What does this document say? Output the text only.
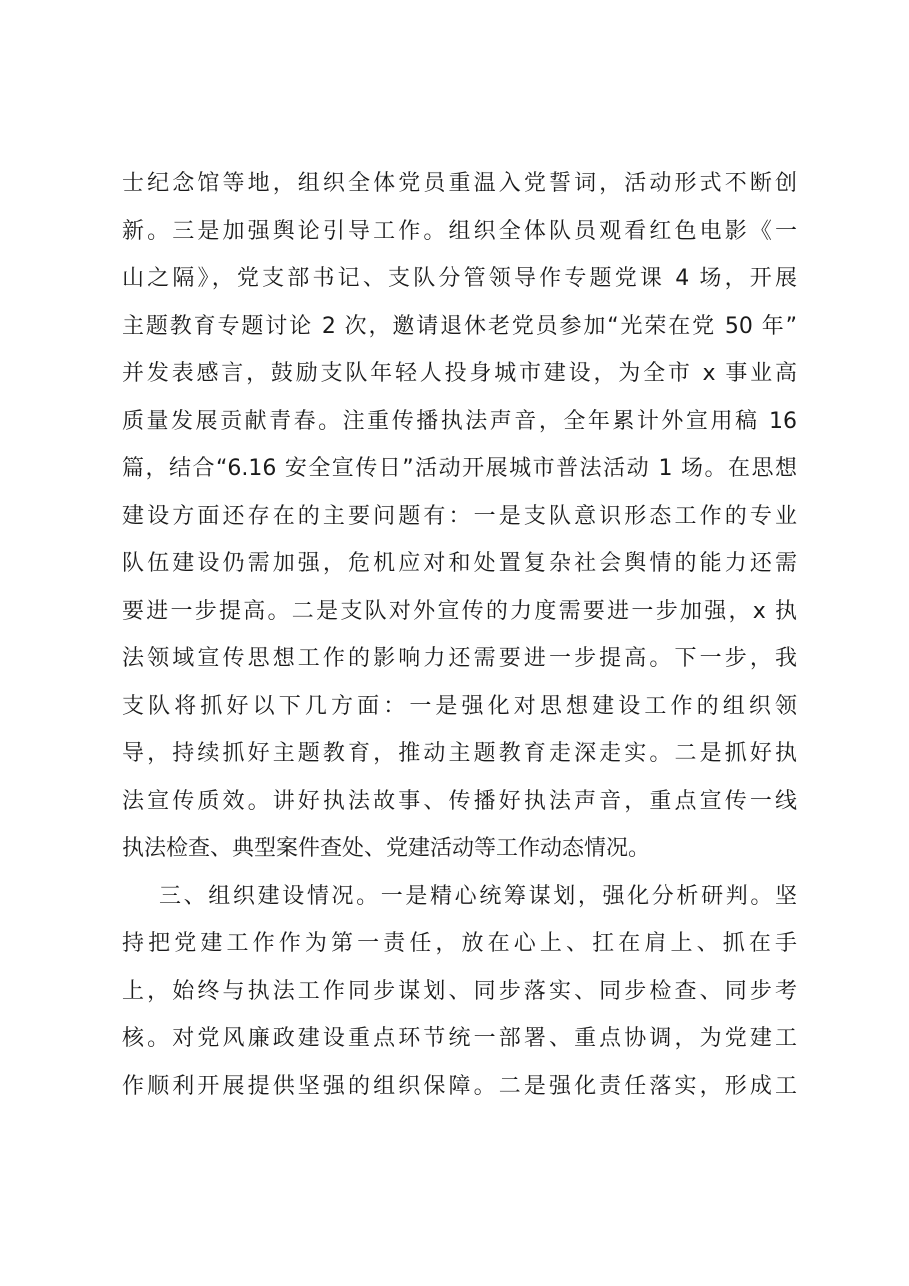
士纪念馆等地，组织全体党员重温入党誓词，活动形式不断创
新。三是加强舆论引导工作。组织全体队员观看红色电影《一
山之隔》，党支部书记、支队分管领导作专题党课 4 场，开展
主题教育专题讨论 2 次，邀请退休老党员参加“光荣在党 50 年”
并发表感言，鼓励支队年轻人投身城市建设，为全市 x 事业高
质量发展贡献青春。注重传播执法声音，全年累计外宣用稿 16
篇，结合“6.16 安全宣传日”活动开展城市普法活动 1 场。在思想
建设方面还存在的主要问题有：一是支队意识形态工作的专业
队伍建设仍需加强，危机应对和处置复杂社会舆情的能力还需
要进一步提高。二是支队对外宣传的力度需要进一步加强，x 执
法领域宣传思想工作的影响力还需要进一步提高。下一步，我
支队将抓好以下几方面：一是强化对思想建设工作的组织领
导，持续抓好主题教育，推动主题教育走深走实。二是抓好执
法宣传质效。讲好执法故事、传播好执法声音，重点宣传一线
执法检查、典型案件查处、党建活动等工作动态情况。
三、组织建设情况。一是精心统筹谋划，强化分析研判。坚
持把党建工作作为第一责任，放在心上、扛在肩上、抓在手
上，始终与执法工作同步谋划、同步落实、同步检查、同步考
核。对党风廉政建设重点环节统一部署、重点协调，为党建工
作顺利开展提供坚强的组织保障。二是强化责任落实，形成工
